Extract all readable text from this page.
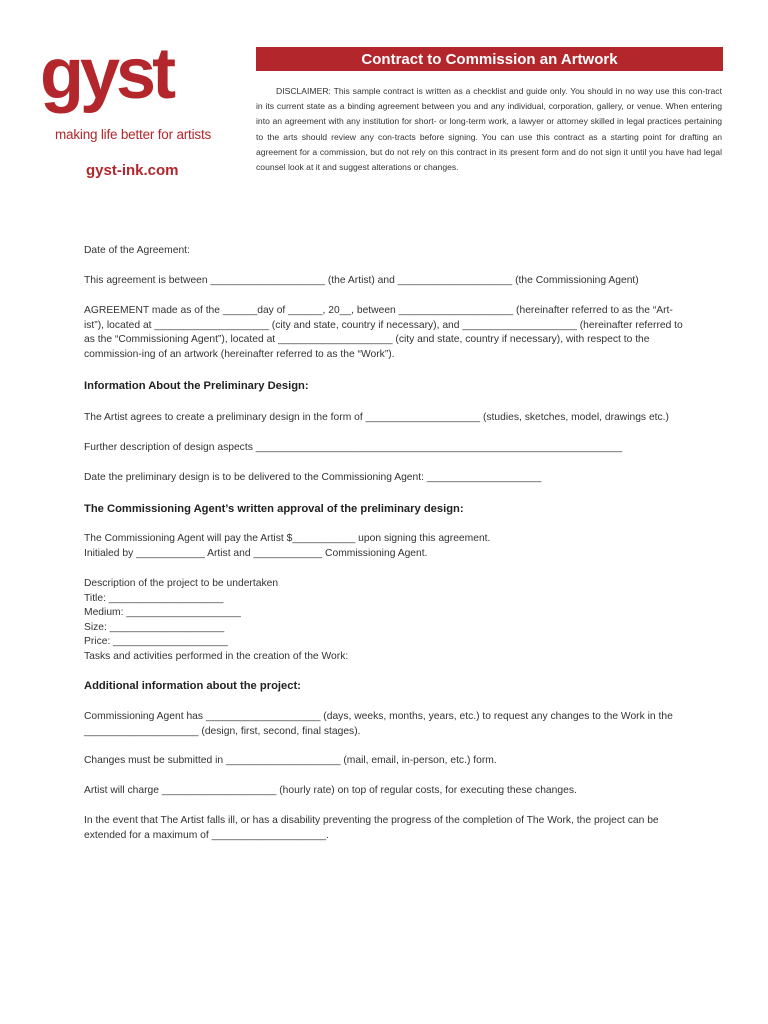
gyst
making life better for artists
gyst-ink.com
Contract to Commission an Artwork
DISCLAIMER: This sample contract is written as a checklist and guide only. You should in no way use this con-tract in its current state as a binding agreement between you and any individual, corporation, gallery, or venue. When entering into an agreement with any institution for short- or long-term work, a lawyer or attorney skilled in legal practices pertaining to the arts should review any con-tracts before signing. You can use this contract as a starting point for drafting an agreement for a commission, but do not rely on this contract in its present form and do not sign it until you have had legal counsel look at it and suggest alterations or changes.

Date of the Agreement:

This agreement is between ____________________ (the Artist) and ____________________ (the Commissioning Agent)

AGREEMENT made as of the ______day of ______, 20__, between ____________________ (hereinafter referred to as the “Art-ist”), located at ____________________ (city and state, country if necessary), and ____________________ (hereinafter referred to as the “Commissioning Agent”), located at ____________________ (city and state, country if necessary), with respect to the commission-ing of an artwork (hereinafter referred to as the “Work”).

Information About the Preliminary Design:

The Artist agrees to create a preliminary design in the form of ____________________ (studies, sketches, model, drawings etc.)

Further description of design aspects ________________________________________________________________

Date the preliminary design is to be delivered to the Commissioning Agent: ____________________

The Commissioning Agent’s written approval of the preliminary design:

The Commissioning Agent will pay the Artist $___________ upon signing this agreement.

Initialed by ____________ Artist and ____________ Commissioning Agent.

Description of the project to be undertaken

Title: ____________________

Medium: ____________________

Size: ____________________

Price: ____________________

Tasks and activities performed in the creation of the Work:

Additional information about the project:

Commissioning Agent has ____________________ (days, weeks, months, years, etc.) to request any changes to the Work in the ____________________ (design, first, second, final stages).

Changes must be submitted in ____________________ (mail, email, in-person, etc.) form.

Artist will charge ____________________ (hourly rate) on top of regular costs, for executing these changes.

In the event that The Artist falls ill, or has a disability preventing the progress of the completion of The Work, the project can be extended for a maximum of ____________________.
